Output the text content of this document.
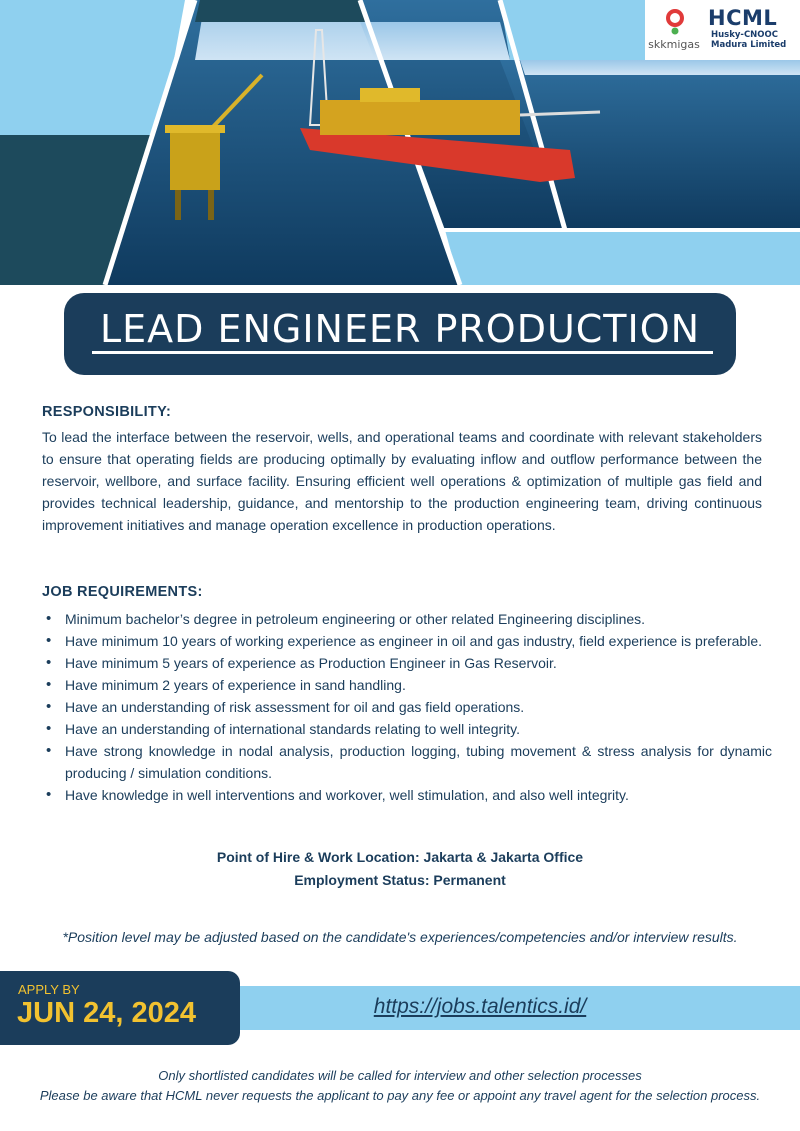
skkmigas
HCML
Husky-CNOOC
Madura Limited
LEAD ENGINEER PRODUCTION
RESPONSIBILITY:
To lead the interface between the reservoir, wells, and operational teams and coordinate with relevant stakeholders to ensure that operating fields are producing optimally by evaluating inflow and outflow performance between the reservoir, wellbore, and surface facility. Ensuring efficient well operations & optimization of multiple gas field and provides technical leadership, guidance, and mentorship to the production engineering team, driving continuous improvement initiatives and manage operation excellence in production operations.
JOB REQUIREMENTS:
• Minimum bachelor’s degree in petroleum engineering or other related Engineering disciplines.
• Have minimum 10 years of working experience as engineer in oil and gas industry, field experience is preferable.
• Have minimum 5 years of experience as Production Engineer in Gas Reservoir.
• Have minimum 2 years of experience in sand handling.
• Have an understanding of risk assessment for oil and gas field operations.
• Have an understanding of international standards relating to well integrity.
• Have strong knowledge in nodal analysis, production logging, tubing movement & stress analysis for dynamic producing / simulation conditions.
• Have knowledge in well interventions and workover, well stimulation, and also well integrity.
Point of Hire & Work Location: Jakarta & Jakarta Office
Employment Status: Permanent
*Position level may be adjusted based on the candidate's experiences/competencies and/or interview results.
APPLY BY
JUN 24, 2024	https://jobs.talentics.id/
Only shortlisted candidates will be called for interview and other selection processes
Please be aware that HCML never requests the applicant to pay any fee or appoint any travel agent for the selection process.
